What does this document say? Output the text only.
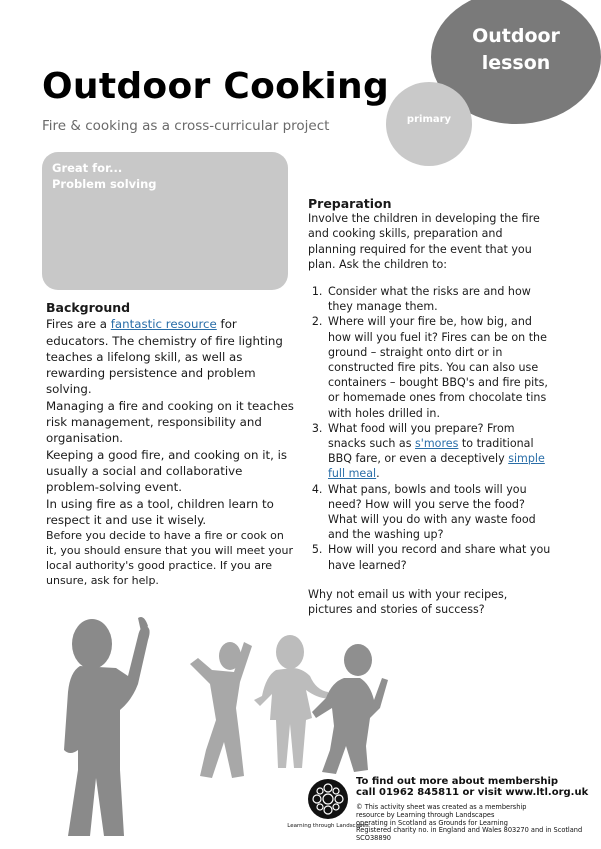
Outdoor
lesson
primary
Outdoor Cooking
Fire & cooking as a cross-curricular project
Great for...
Problem solving
Background

Fires are a fantastic resource for educators. The chemistry of fire lighting teaches a lifelong skill, as well as rewarding persistence and problem solving.

Managing a fire and cooking on it teaches risk management, responsibility and organisation.

Keeping a good fire, and cooking on it, is usually a social and collaborative problem-solving event.

In using fire as a tool, children learn to respect it and use it wisely.

Before you decide to have a fire or cook on it, you should ensure that you will meet your local authority's good practice. If you are unsure, ask for help.

Preparation

Involve the children in developing the fire and cooking skills, preparation and planning required for the event that you plan. Ask the children to:

1. Consider what the risks are and how they manage them.
2. Where will your fire be, how big, and how will you fuel it? Fires can be on the ground – straight onto dirt or in constructed fire pits. You can also use containers – bought BBQ's and fire pits, or homemade ones from chocolate tins with holes drilled in.
3. What food will you prepare? From snacks such as s'mores to traditional BBQ fare, or even a deceptively simple full meal.
4. What pans, bowls and tools will you need? How will you serve the food? What will you do with any waste food and the washing up?
5. How will you record and share what you have learned?

Why not email us with your recipes, pictures and stories of success?

Learning through Landscapes
To find out more about membership
call 01962 845811 or visit www.ltl.org.uk
© This activity sheet was created as a membership
resource by Learning through Landscapes
operating in Scotland as Grounds for Learning
Registered charity no. in England and Wales 803270 and in Scotland SCO38890
